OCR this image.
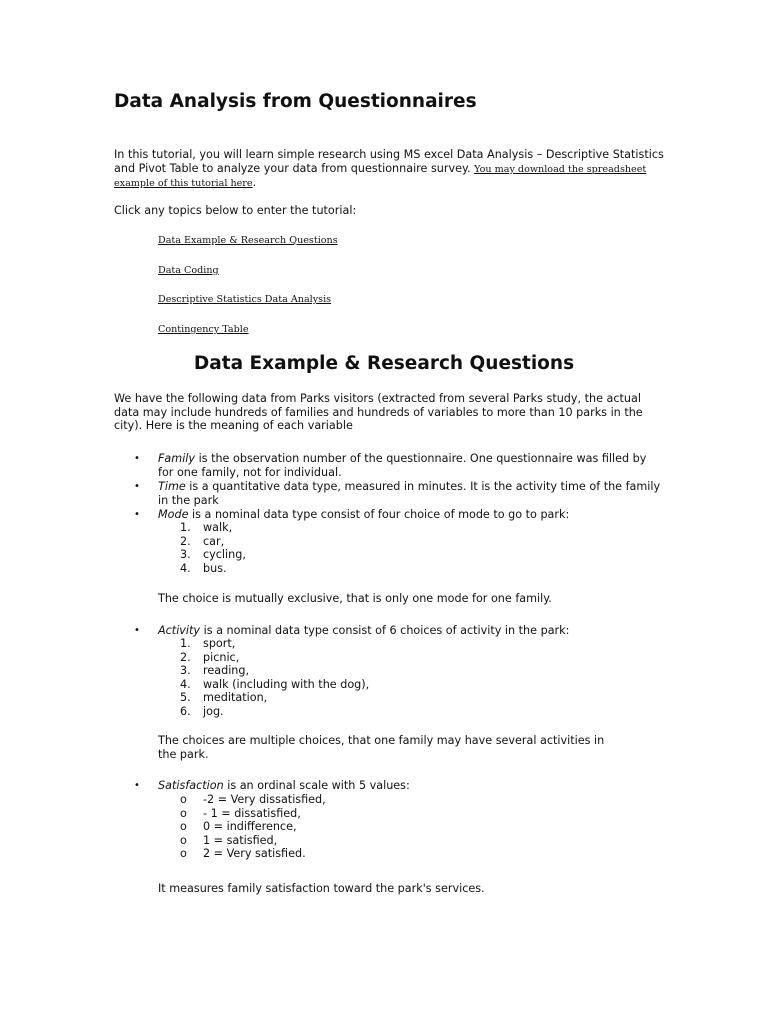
Data Analysis from Questionnaires
In this tutorial, you will learn simple research using MS excel Data Analysis – Descriptive Statistics and Pivot Table to analyze your data from questionnaire survey. You may download the spreadsheet example of this tutorial here.
Click any topics below to enter the tutorial:
Data Example & Research Questions
Data Coding
Descriptive Statistics Data Analysis
Contingency Table
Data Example & Research Questions
We have the following data from Parks visitors (extracted from several Parks study, the actual data may include hundreds of families and hundreds of variables to more than 10 parks in the city). Here is the meaning of each variable
•	Family is the observation number of the questionnaire. One questionnaire was filled by for one family, not for individual.
•	Time is a quantitative data type, measured in minutes. It is the activity time of the family in the park
•	Mode is a nominal data type consist of four choice of mode to go to park:
1.	walk,
2.	car,
3.	cycling,
4.	bus.
The choice is mutually exclusive, that is only one mode for one family.
•	Activity is a nominal data type consist of 6 choices of activity in the park:
1.	sport,
2.	picnic,
3.	reading,
4.	walk (including with the dog),
5.	meditation,
6.	jog.
The choices are multiple choices, that one family may have several activities in the park.
•	Satisfaction is an ordinal scale with 5 values:
o	-2 = Very dissatisfied,
o	- 1 = dissatisfied,
o	0 = indifference,
o	1 = satisfied,
o	2 = Very satisfied.
It measures family satisfaction toward the park's services.
